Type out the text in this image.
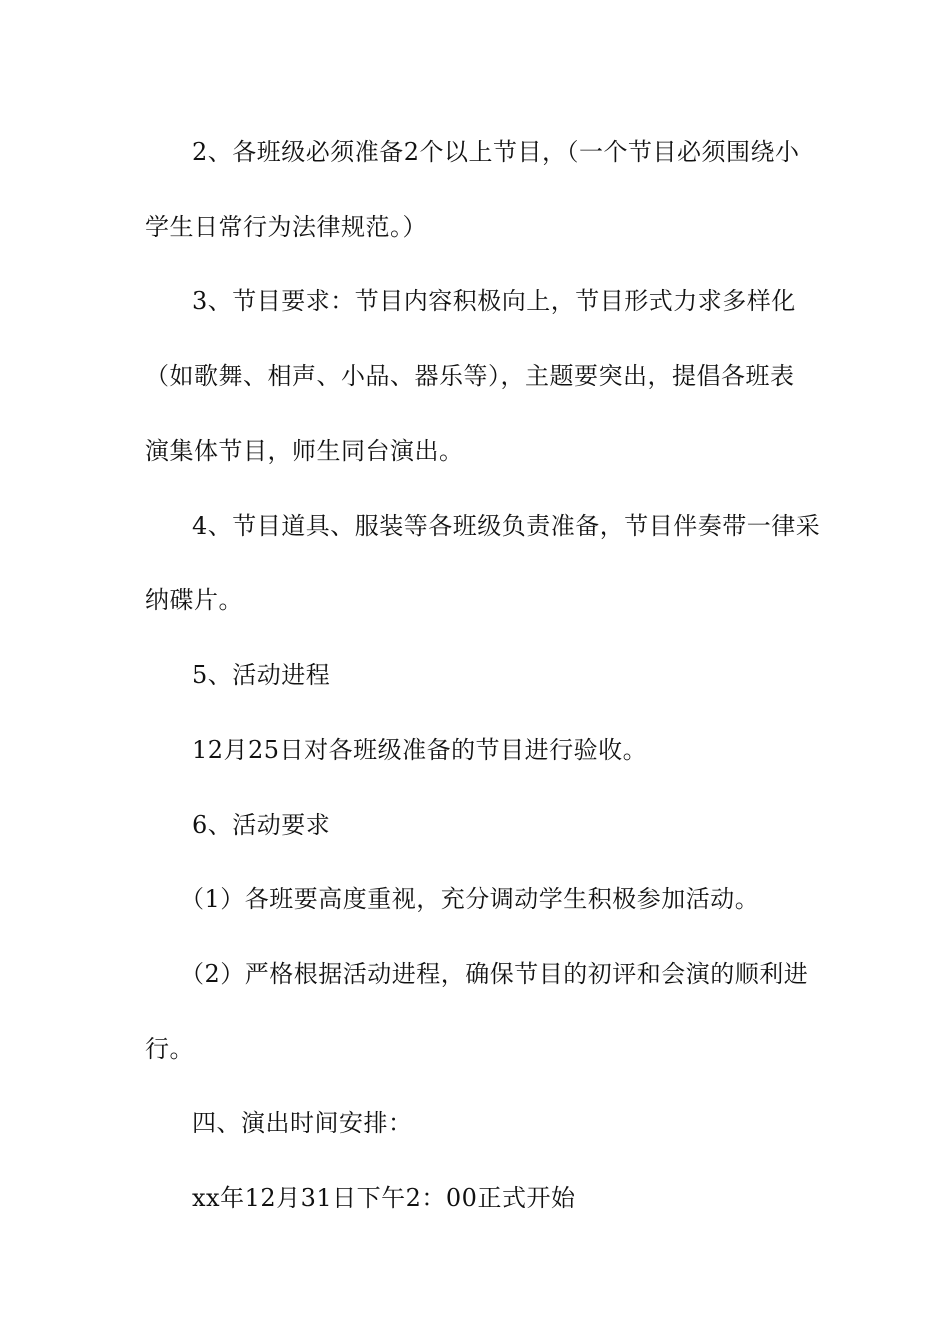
2、各班级必须准备2个以上节目，（一个节目必须围绕小
学生日常行为法律规范。）
3、节目要求：节目内容积极向上，节目形式力求多样化
（如歌舞、相声、小品、器乐等），主题要突出，提倡各班表
演集体节目，师生同台演出。
4、节目道具、服装等各班级负责准备，节目伴奏带一律采
纳碟片。
5、活动进程
12月25日对各班级准备的节目进行验收。
6、活动要求
（1）各班要高度重视，充分调动学生积极参加活动。
（2）严格根据活动进程，确保节目的初评和会演的顺利进
行。
四、演出时间安排：
xx年12月31日下午2：00正式开始
